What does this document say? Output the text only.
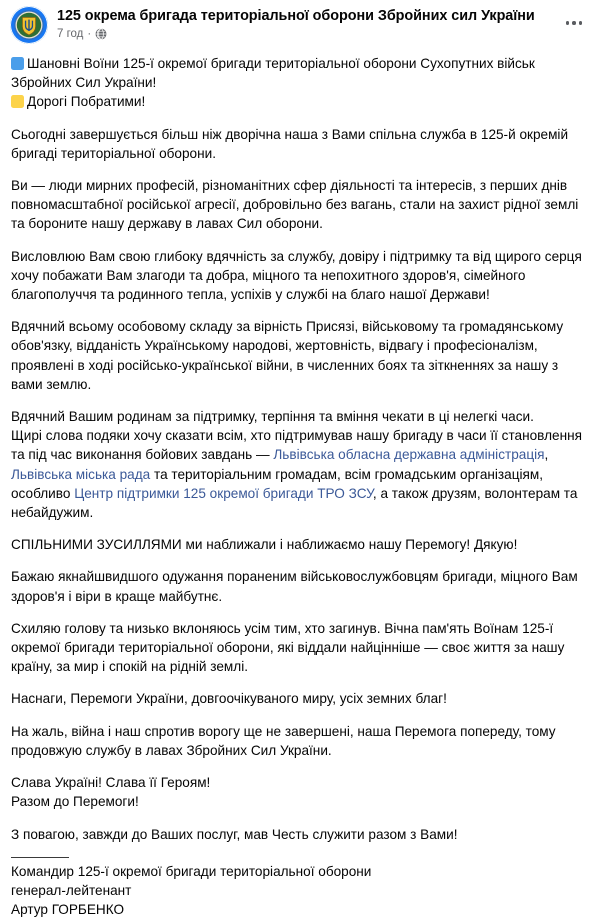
125 окрема бригада територіальної оборони Збройних сил України
7 год ·

Шановні Воїни 125-ї окремої бригади територіальної оборони Сухопутних військ Збройних Сил України!
Дорогі Побратими!

Сьогодні завершується більш ніж дворічна наша з Вами спільна служба в 125-й окремій бригаді територіальної оборони.

Ви — люди мирних професій, різноманітних сфер діяльності та інтересів, з перших днів повномасштабної російської агресії, добровільно без вагань, стали на захист рідної землі та бороните нашу державу в лавах Сил оборони.

Висловлюю Вам свою глибоку вдячність за службу, довіру і підтримку та від щирого серця хочу побажати Вам злагоди та добра, міцного та непохитного здоров'я, сімейного благополуччя та родинного тепла, успіхів у службі на благо нашої Держави!

Вдячний всьому особовому складу за вірність Присязі, військовому та громадянському обов'язку, відданість Українському народові, жертовність, відвагу і професіоналізм, проявлені в ході російсько-української війни, в численних боях та зіткненнях за нашу з вами землю.

Вдячний Вашим родинам за підтримку, терпіння та вміння чекати в ці нелегкі часи.

Щирі слова подяки хочу сказати всім, хто підтримував нашу бригаду в часи її становлення та під час виконання бойових завдань — Львівська обласна державна адміністрація, Львівська міська рада та територіальним громадам, всім громадським організаціям, особливо Центр підтримки 125 окремої бригади ТРО ЗСУ, а також друзям, волонтерам та небайдужим.

СПІЛЬНИМИ ЗУСИЛЛЯМИ ми наближали і наближаємо нашу Перемогу! Дякую!

Бажаю якнайшвидшого одужання пораненим військовослужбовцям бригади, міцного Вам здоров'я і віри в краще майбутнє.

Схиляю голову та низько вклоняюсь усім тим, хто загинув. Вічна пам'ять Воїнам 125-ї окремої бригади територіальної оборони, які віддали найцінніше — своє життя за нашу країну, за мир і спокій на рідній землі.

Наснаги, Перемоги України, довгоочікуваного миру, усіх земних благ!

На жаль, війна і наш спротив ворогу ще не завершені, наша Перемога попереду, тому продовжую службу в лавах Збройних Сил України.

Слава Україні! Слава її Героям!
Разом до Перемоги!

З повагою, завжди до Ваших послуг, мав Честь служити разом з Вами!

Командир 125-ї окремої бригади територіальної оборони
генерал-лейтенант
Артур ГОРБЕНКО
